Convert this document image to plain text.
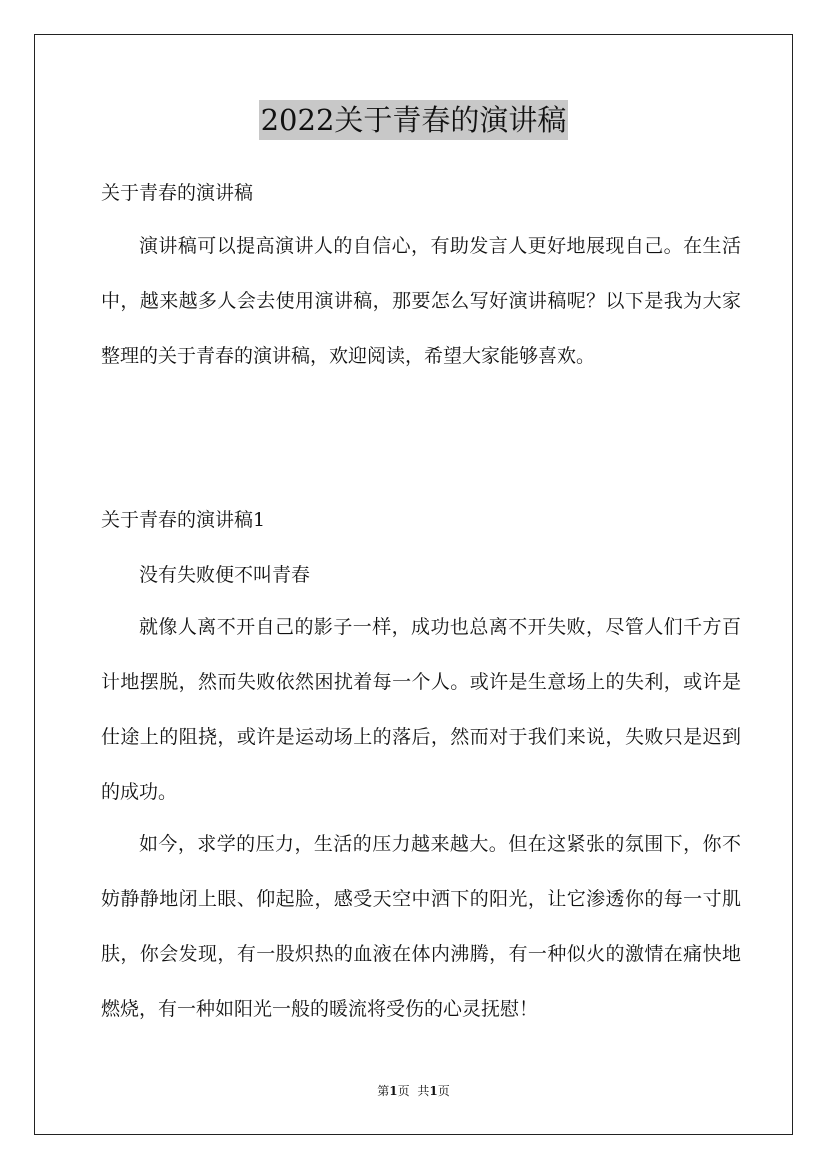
2022关于青春的演讲稿
关于青春的演讲稿

演讲稿可以提高演讲人的自信心，有助发言人更好地展现自己。在生活中，越来越多人会去使用演讲稿，那要怎么写好演讲稿呢？以下是我为大家整理的关于青春的演讲稿，欢迎阅读，希望大家能够喜欢。

关于青春的演讲稿1
没有失败便不叫青春

就像人离不开自己的影子一样，成功也总离不开失败，尽管人们千方百计地摆脱，然而失败依然困扰着每一个人。或许是生意场上的失利，或许是仕途上的阻挠，或许是运动场上的落后，然而对于我们来说，失败只是迟到的成功。

如今，求学的压力，生活的压力越来越大。但在这紧张的氛围下，你不妨静静地闭上眼、仰起脸，感受天空中洒下的阳光，让它渗透你的每一寸肌肤，你会发现，有一股炽热的血液在体内沸腾，有一种似火的激情在痛快地燃烧，有一种如阳光一般的暖流将受伤的心灵抚慰！

第1页 共1页
